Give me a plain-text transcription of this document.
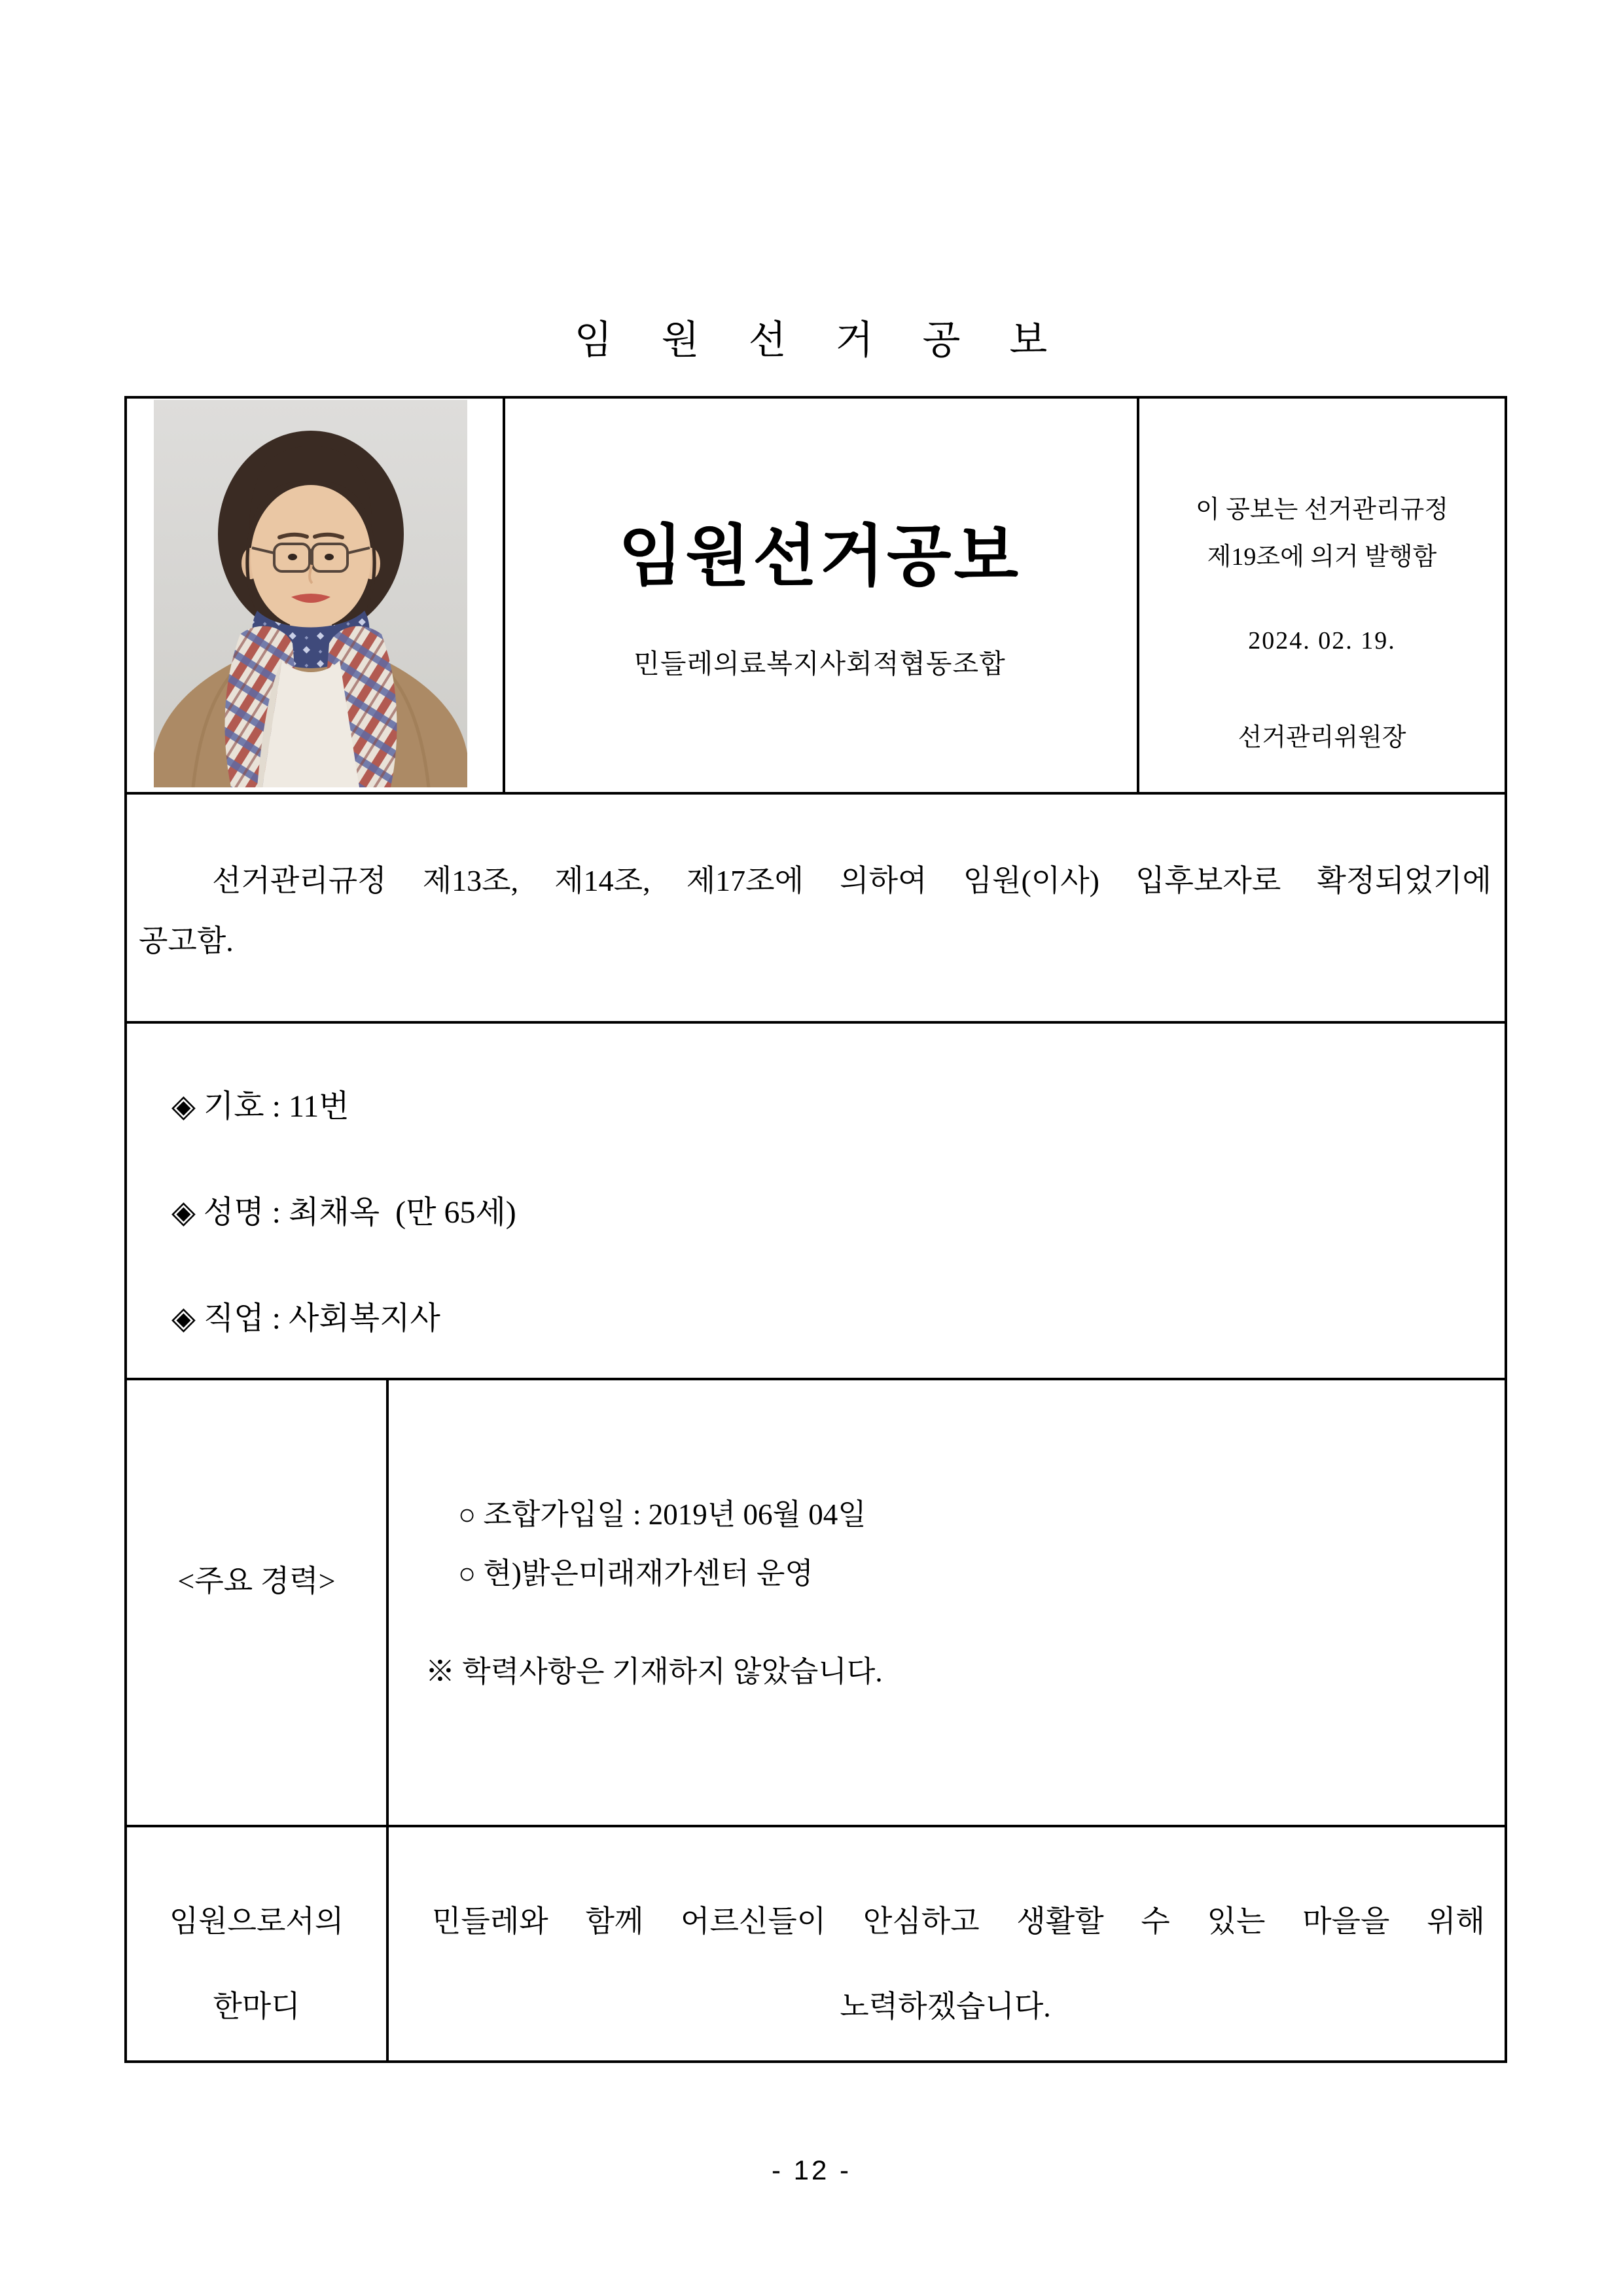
임 원 선 거 공 보
임원선거공보
민들레의료복지사회적협동조합
이 공보는 선거관리규정
제19조에 의거 발행함
2024. 02. 19.
선거관리위원장
선거관리규정 제13조, 제14조, 제17조에 의하여 임원(이사) 입후보자로 확정되었기에
공고함.
◈ 기호 : 11번
◈ 성명 : 최채옥  (만 65세)
◈ 직업 : 사회복지사
<주요 경력>
○ 조합가입일 : 2019년 06월 04일
○ 현)밝은미래재가센터 운영
※ 학력사항은 기재하지 않았습니다.
임원으로서의
한마디
민들레와 함께 어르신들이 안심하고 생활할 수 있는 마을을 위해
노력하겠습니다.
- 12 -
